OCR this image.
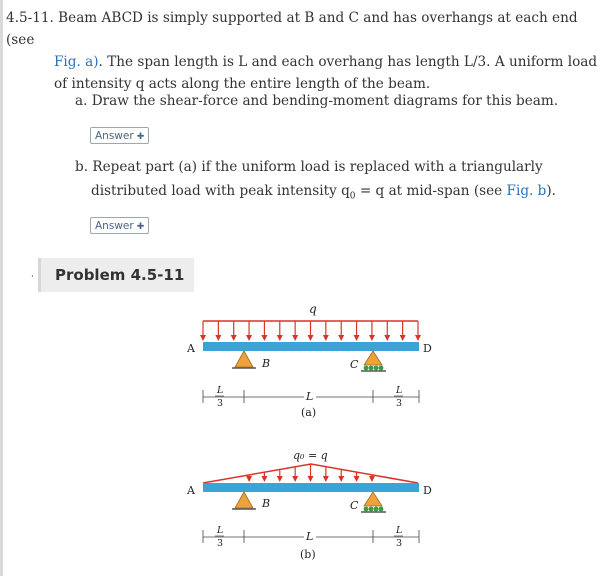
4.5-11. Beam ABCD is simply supported at B and C and has overhangs at each end (see
Fig. a). The span length is L and each overhang has length L/3. A uniform load
of intensity q acts along the entire length of the beam.
a. Draw the shear-force and bending-moment diagrams for this beam.
Answer ✚
b. Repeat part (a) if the uniform load is replaced with a triangularly
distributed load with peak intensity $q_0 = q$ at mid-span (see Fig. b).
Answer ✚
·	Problem 4.5-11
q
A	D
B	C
L
3
L	L
3
(a)
q₀ = q
A	D
B	C
L
3
L	L
3
(b)
